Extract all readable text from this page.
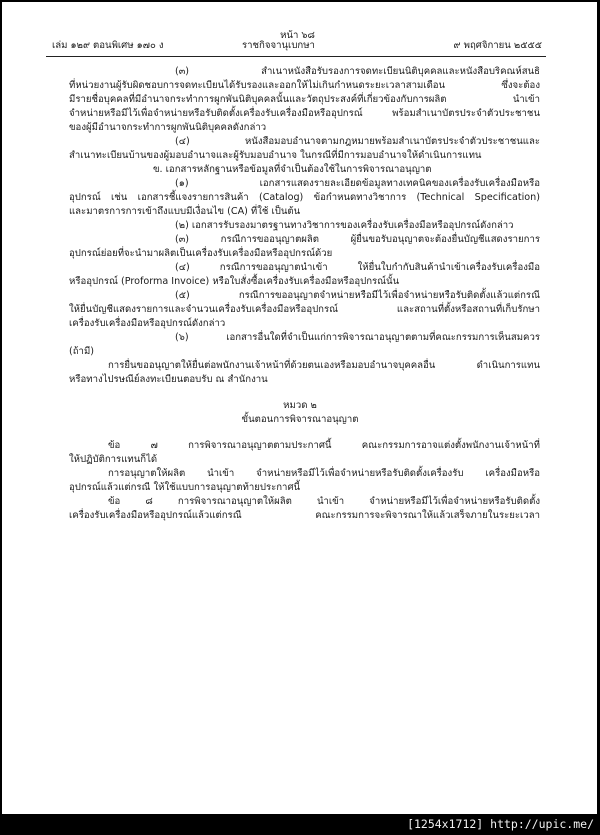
หน้า ๖๘
เล่ม ๑๒๙ ตอนพิเศษ ๑๗๐ ง	ราชกิจจานุเบกษา	๙ พฤศจิกายน ๒๕๕๕
(๓) สำเนาหนังสือรับรองการจดทะเบียนนิติบุคคลและหนังสือบริคณห์สนธิ
ที่หน่วยงานผู้รับผิดชอบการจดทะเบียนได้รับรองและออกให้ไม่เกินกำหนดระยะเวลาสามเดือน ซึ่งจะต้อง
มีรายชื่อบุคคลที่มีอำนาจกระทำการผูกพันนิติบุคคลนั้นและวัตถุประสงค์ที่เกี่ยวข้องกับการผลิต นำเข้า
จำหน่ายหรือมีไว้เพื่อจำหน่ายหรือรับติดตั้งเครื่องรับเครื่องมือหรืออุปกรณ์ พร้อมสำเนาบัตรประจำตัวประชาชน
ของผู้มีอำนาจกระทำการผูกพันนิติบุคคลดังกล่าว
(๔) หนังสือมอบอำนาจตามกฎหมายพร้อมสำเนาบัตรประจำตัวประชาชนและ
สำเนาทะเบียนบ้านของผู้มอบอำนาจและผู้รับมอบอำนาจ ในกรณีที่มีการมอบอำนาจให้ดำเนินการแทน
ข. เอกสารหลักฐานหรือข้อมูลที่จำเป็นต้องใช้ในการพิจารณาอนุญาต
(๑) เอกสารแสดงรายละเอียดข้อมูลทางเทคนิคของเครื่องรับเครื่องมือหรือ
อุปกรณ์ เช่น เอกสารชี้แจงรายการสินค้า (Catalog) ข้อกำหนดทางวิชาการ (Technical Specification)
และมาตรการการเข้าถึงแบบมีเงื่อนไข (CA) ที่ใช้ เป็นต้น
(๒) เอกสารรับรองมาตรฐานทางวิชาการของเครื่องรับเครื่องมือหรืออุปกรณ์ดังกล่าว
(๓) กรณีการขออนุญาตผลิต ผู้ยื่นขอรับอนุญาตจะต้องยื่นบัญชีแสดงรายการ
อุปกรณ์ย่อยที่จะนำมาผลิตเป็นเครื่องรับเครื่องมือหรืออุปกรณ์ด้วย
(๔) กรณีการขออนุญาตนำเข้า ให้ยื่นใบกำกับสินค้านำเข้าเครื่องรับเครื่องมือ
หรืออุปกรณ์ (Proforma Invoice) หรือใบสั่งซื้อเครื่องรับเครื่องมือหรืออุปกรณ์นั้น
(๕) กรณีการขออนุญาตจำหน่ายหรือมีไว้เพื่อจำหน่ายหรือรับติดตั้งแล้วแต่กรณี
ให้ยื่นบัญชีแสดงรายการและจำนวนเครื่องรับเครื่องมือหรืออุปกรณ์ และสถานที่ตั้งหรือสถานที่เก็บรักษา
เครื่องรับเครื่องมือหรืออุปกรณ์ดังกล่าว
(๖) เอกสารอื่นใดที่จำเป็นแก่การพิจารณาอนุญาตตามที่คณะกรรมการเห็นสมควร
(ถ้ามี)
การยื่นขออนุญาตให้ยื่นต่อพนักงานเจ้าหน้าที่ด้วยตนเองหรือมอบอำนาจบุคคลอื่น ดำเนินการแทน
หรือทางไปรษณีย์ลงทะเบียนตอบรับ ณ สำนักงาน
หมวด ๒
ขั้นตอนการพิจารณาอนุญาต
ข้อ ๗ การพิจารณาอนุญาตตามประกาศนี้ คณะกรรมการอาจแต่งตั้งพนักงานเจ้าหน้าที่
ให้ปฏิบัติการแทนก็ได้
การอนุญาตให้ผลิต นำเข้า จำหน่ายหรือมีไว้เพื่อจำหน่ายหรือรับติดตั้งเครื่องรับ เครื่องมือหรือ
อุปกรณ์แล้วแต่กรณี ให้ใช้แบบการอนุญาตท้ายประกาศนี้
ข้อ ๘ การพิจารณาอนุญาตให้ผลิต นำเข้า จำหน่ายหรือมีไว้เพื่อจำหน่ายหรือรับติดตั้ง
เครื่องรับเครื่องมือหรืออุปกรณ์แล้วแต่กรณี คณะกรรมการจะพิจารณาให้แล้วเสร็จภายในระยะเวลา
[1254x1712] http://upic.me/
